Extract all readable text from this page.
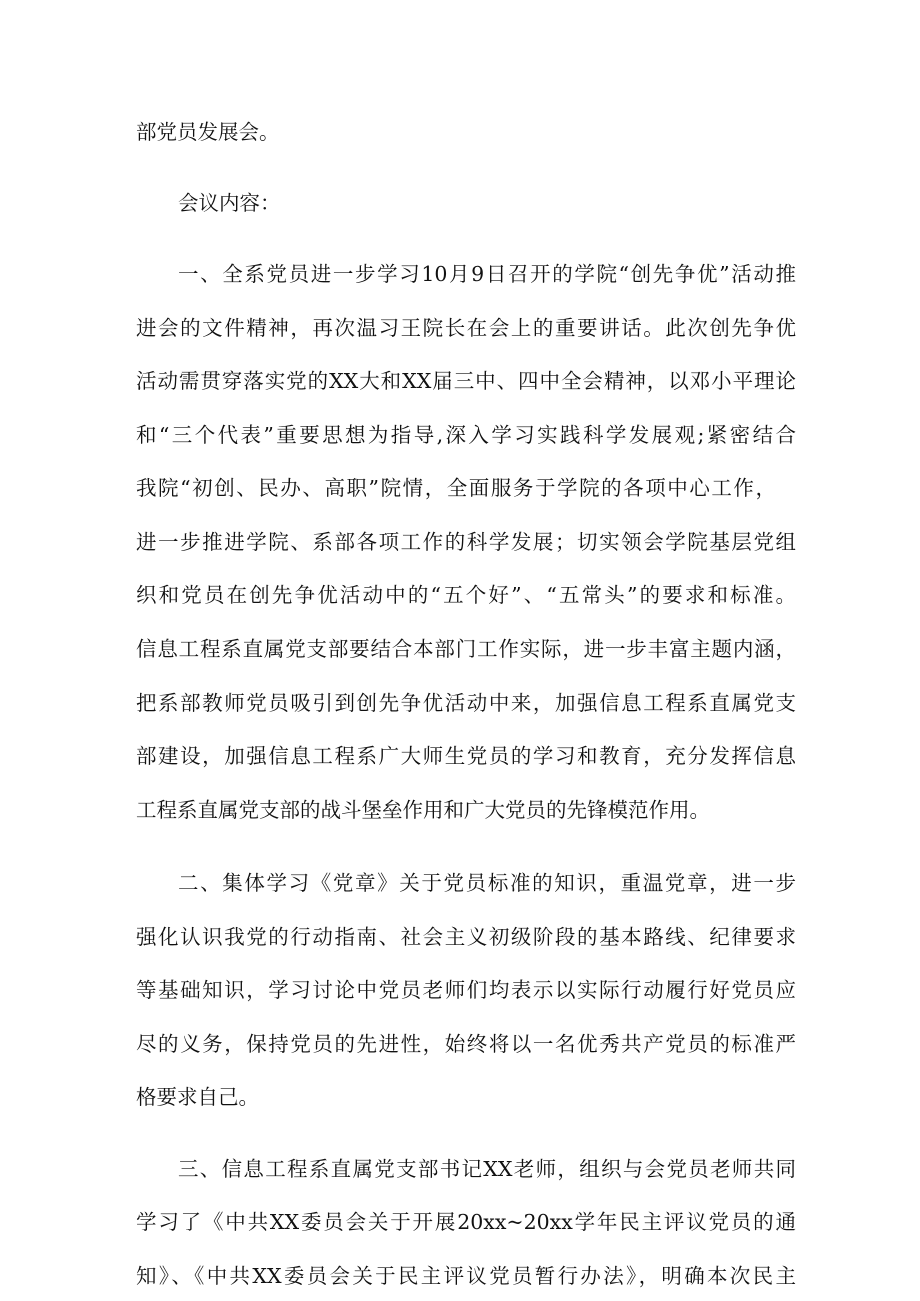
部党员发展会。
会议内容：
一、全系党员进一步学习10月9日召开的学院“创先争优”活动推
进会的文件精神，再次温习王院长在会上的重要讲话。此次创先争优
活动需贯穿落实党的XX大和XX届三中、四中全会精神，以邓小平理论
和“三个代表”重要思想为指导,深入学习实践科学发展观;紧密结合
我院“初创、民办、高职”院情，全面服务于学院的各项中心工作，
进一步推进学院、系部各项工作的科学发展；切实领会学院基层党组
织和党员在创先争优活动中的“五个好”、“五常头”的要求和标准。
信息工程系直属党支部要结合本部门工作实际，进一步丰富主题内涵，
把系部教师党员吸引到创先争优活动中来，加强信息工程系直属党支
部建设，加强信息工程系广大师生党员的学习和教育，充分发挥信息
工程系直属党支部的战斗堡垒作用和广大党员的先锋模范作用。
二、集体学习《党章》关于党员标准的知识，重温党章，进一步
强化认识我党的行动指南、社会主义初级阶段的基本路线、纪律要求
等基础知识，学习讨论中党员老师们均表示以实际行动履行好党员应
尽的义务，保持党员的先进性，始终将以一名优秀共产党员的标准严
格要求自己。
三、信息工程系直属党支部书记XX老师，组织与会党员老师共同
学习了《中共XX委员会关于开展20xx~20xx学年民主评议党员的通
知》、《中共XX委员会关于民主评议党员暂行办法》，明确本次民主
